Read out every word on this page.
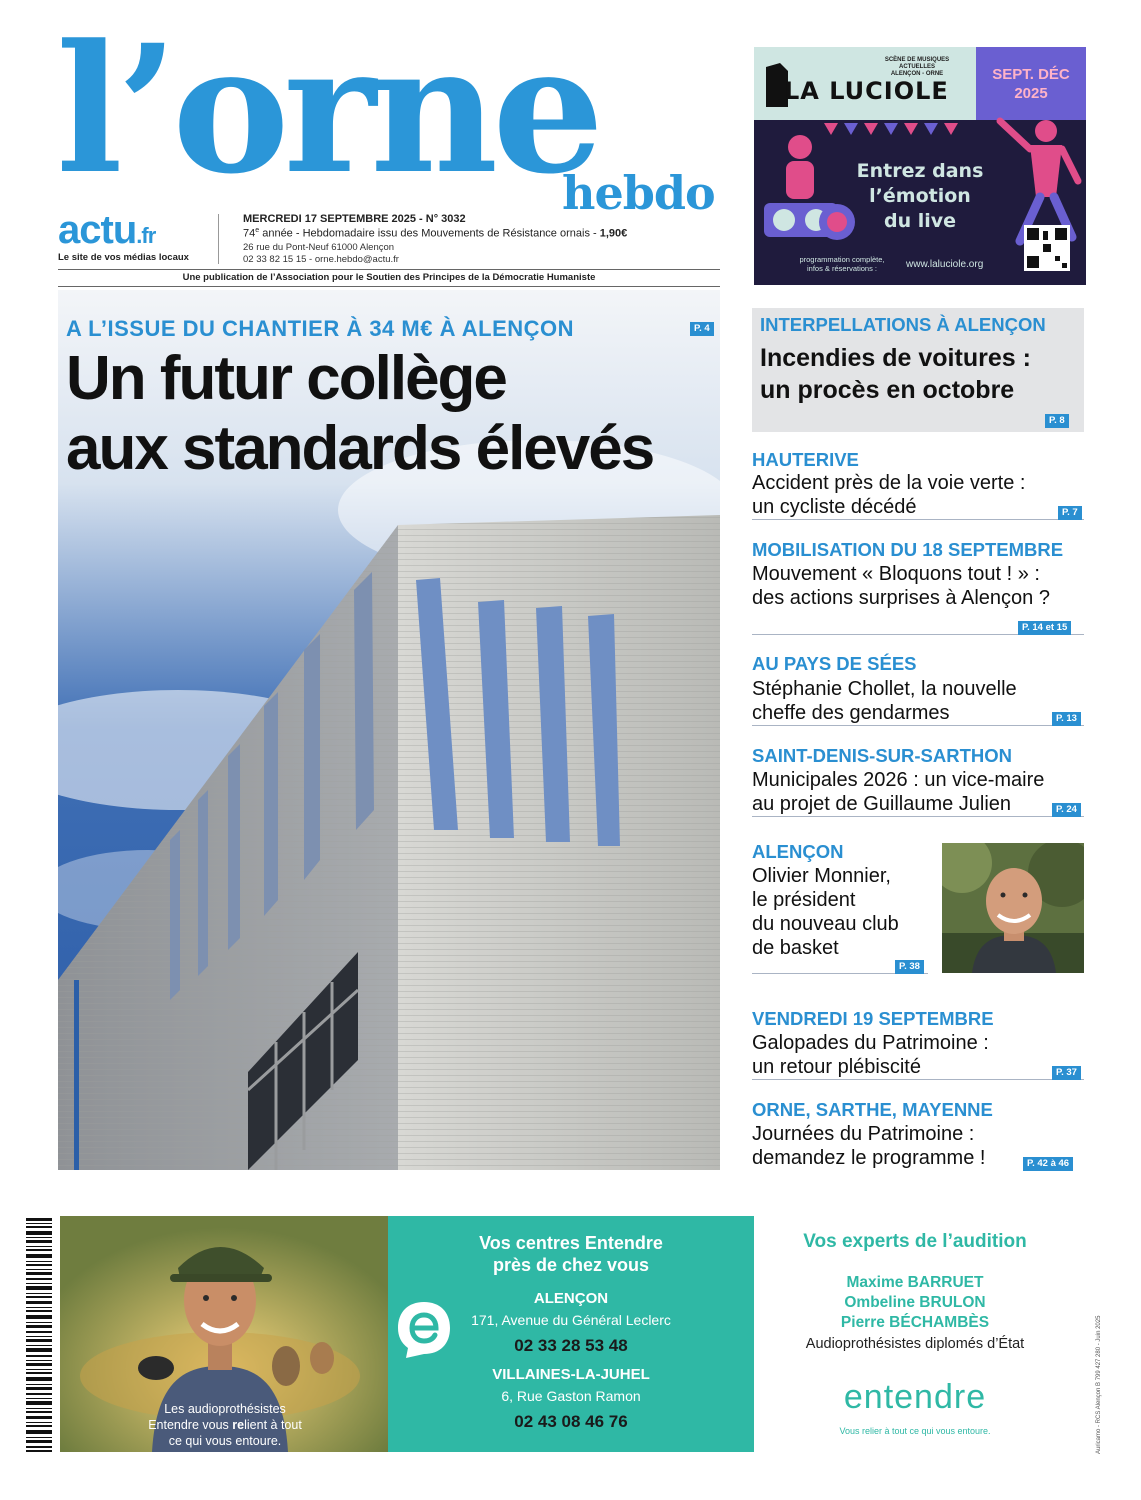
l’orne
hebdo
actu.fr
Le site de vos médias locaux
MERCREDI 17 SEPTEMBRE 2025 - N° 3032
74e année - Hebdomadaire issu des Mouvements de Résistance ornais - 1,90€
26 rue du Pont-Neuf 61000 Alençon
02 33 82 15 15 - orne.hebdo@actu.fr
Une publication de l’Association pour le Soutien des Principes de la Démocratie Humaniste
SEPT. DÉC
2025
LA LUCIOLE
SCÈNE DE MUSIQUES
ACTUELLES
ALENÇON - ORNE
Entrez dans
l’émotion
du live
programmation complète,
infos & réservations :	www.laluciole.org
A L’ISSUE DU CHANTIER À 34 M€ À ALENÇON	P. 4
Un futur collège
aux standards élevés
INTERPELLATIONS À ALENÇON
Incendies de voitures :
un procès en octobre
P. 8
HAUTERIVE
Accident près de la voie verte :
un cycliste décédé	P. 7
MOBILISATION DU 18 SEPTEMBRE
Mouvement « Bloquons tout ! » :
des actions surprises à Alençon ?
P. 14 et 15
AU PAYS DE SÉES
Stéphanie Chollet, la nouvelle
cheffe des gendarmes	P. 13
SAINT-DENIS-SUR-SARTHON
Municipales 2026 : un vice-maire
au projet de Guillaume Julien	P. 24
ALENÇON
Olivier Monnier,
le président
du nouveau club
de basket
P. 38
VENDREDI 19 SEPTEMBRE
Galopades du Patrimoine :
un retour plébiscité	P. 37
ORNE, SARTHE, MAYENNE
Journées du Patrimoine :
demandez le programme !	P. 42 à 46
Les audioprothésistes
Entendre vous relient à tout
ce qui vous entoure.
Vos centres Entendre
près de chez vous
ALENÇON
171, Avenue du Général Leclerc
02 33 28 53 48
VILLAINES-LA-JUHEL
6, Rue Gaston Ramon
02 43 08 46 76
Vos experts de l’audition
Maxime BARRUET
Ombeline BRULON
Pierre BÉCHAMBÈS
Audioprothésistes diplomés d’État
entendre
Vous relier à tout ce qui vous entoure.	Auricamo - RCS Alençon B 799 427 280 - Juin 2025
